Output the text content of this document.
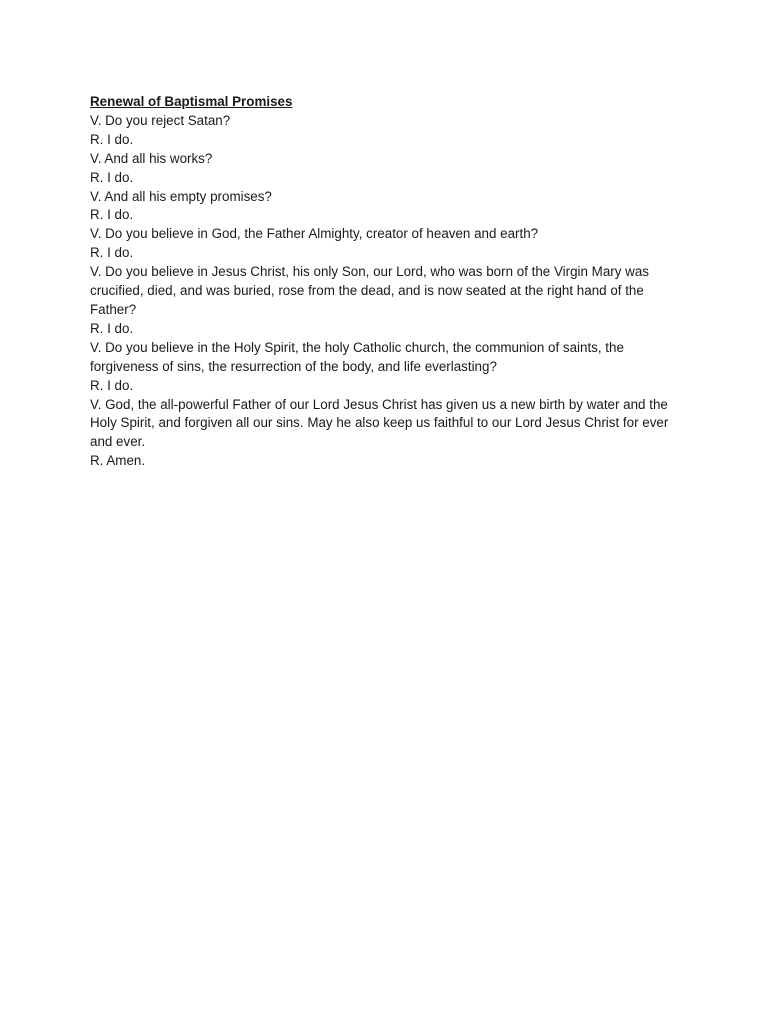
Renewal of Baptismal Promises

V. Do you reject Satan?

R. I do.

V. And all his works?

R. I do.

V. And all his empty promises?

R. I do.

V. Do you believe in God, the Father Almighty, creator of heaven and earth?

R. I do.

V. Do you believe in Jesus Christ, his only Son, our Lord, who was born of the Virgin Mary was crucified, died, and was buried, rose from the dead, and is now seated at the right hand of the Father?

R. I do.

V. Do you believe in the Holy Spirit, the holy Catholic church, the communion of saints, the forgiveness of sins, the resurrection of the body, and life everlasting?

R. I do.

V. God, the all-powerful Father of our Lord Jesus Christ has given us a new birth by water and the Holy Spirit, and forgiven all our sins. May he also keep us faithful to our Lord Jesus Christ for ever and ever.

R. Amen.
